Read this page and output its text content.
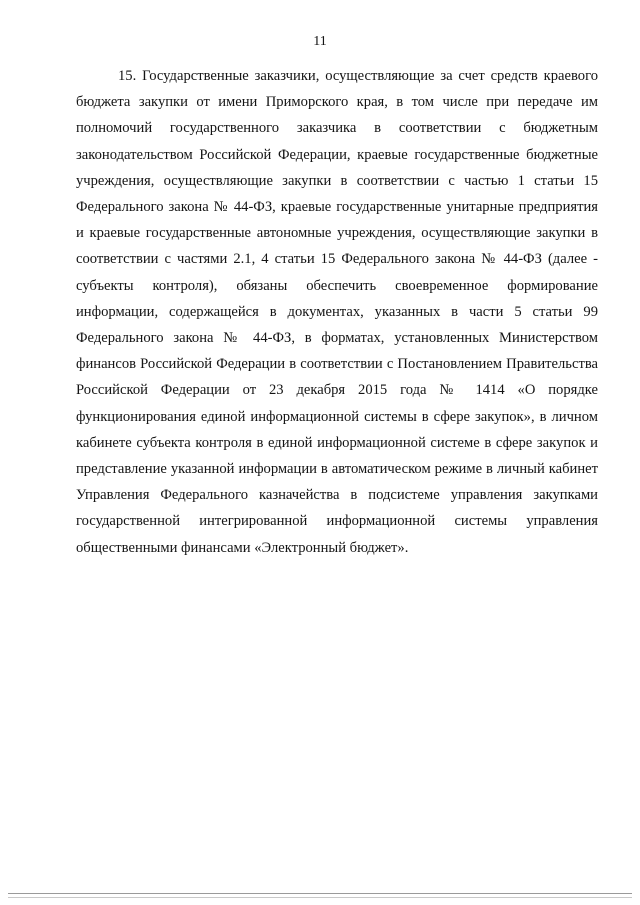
11

15. Государственные заказчики, осуществляющие за счет средств краевого бюджета закупки от имени Приморского края, в том числе при передаче им полномочий государственного заказчика в соответствии с бюджетным законодательством Российской Федерации, краевые государственные бюджетные учреждения, осуществляющие закупки в соответствии с частью 1 статьи 15 Федерального закона № 44-ФЗ, краевые государственные унитарные предприятия и краевые государственные автономные учреждения, осуществляющие закупки в соответствии с частями 2.1, 4 статьи 15 Федерального закона № 44-ФЗ (далее - субъекты контроля), обязаны обеспечить своевременное формирование информации, содержащейся в документах, указанных в части 5 статьи 99 Федерального закона № 44-ФЗ, в форматах, установленных Министерством финансов Российской Федерации в соответствии с Постановлением Правительства Российской Федерации от 23 декабря 2015 года № 1414 «О порядке функционирования единой информационной системы в сфере закупок», в личном кабинете субъекта контроля в единой информационной системе в сфере закупок и представление указанной информации в автоматическом режиме в личный кабинет Управления Федерального казначейства в подсистеме управления закупками государственной интегрированной информационной системы управления общественными финансами «Электронный бюджет».
